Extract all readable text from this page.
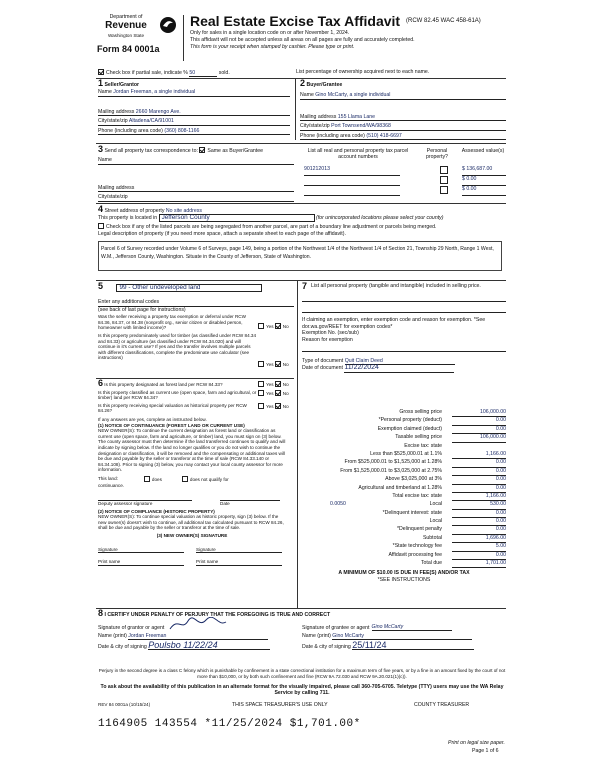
Department of
Revenue
Washington State
Form 84 0001a
Real Estate Excise Tax Affidavit (RCW 82.45 WAC 458-61A)
Only for sales in a single location code on or after November 1, 2024.
This affidavit will not be accepted unless all areas on all pages are fully and accurately completed.
This form is your receipt when stamped by cashier. Please type or print.
Check box if partial sale, indicate % 50	sold.	List percentage of ownership acquired next to each name.
1 Seller/Grantor
Name Jordan Freeman, a single individual
Mailing address 2660 Marengo Ave.
City/state/zip Altadena/CA/91001
Phone (including area code) (360) 808-1166
2 Buyer/Grantee
Name Gino McCarty, a single individual
Mailing address 155 Llama Lane
City/state/zip Port Townsend/WA/98368
Phone (including area code) (510) 418-6697
3 Send all property tax correspondence to: Same as Buyer/Grantee
Name
Mailing address
City/state/zip
List all real and personal property tax parcel account numbers
Personal property?
Assessed value(s)
901212013	$ 136,687.00
$ 0.00
$ 0.00
4 Street address of property No site address
This property is located in Jefferson County	(for unincorporated locations please select your county)
Check box if any of the listed parcels are being segregated from another parcel, are part of a boundary line adjustment or parcels being merged.
Legal description of property (if you need more space, attach a separate sheet to each page of the affidavit).
Parcel 6 of Survey recorded under Volume 6 of Surveys, page 149, being a portion of the Northwest 1/4 of the Northwest 1/4 of Section 21, Township 29 North, Range 1 West, W.M., Jefferson County, Washington. Situate in the County of Jefferson, State of Washington.
5	99 - Other undeveloped land
Enter any additional codes
(see back of last page for instructions)
Was the seller receiving a property tax exemption or deferral under RCW 84.36, 84.37, or 84.38 (nonprofit org., senior citizen or disabled person, homeowner with limited income)?	Yes No
Is this property predominately used for timber (as classified under RCW 84.34 and 84.33) or agriculture (as classified under RCW 84.34.020) and will continue in it's current use? If yes and the transfer involves multiple parcels with different classifications, complete the predominate use calculator (see instructions)
Yes No
6 Is this property designated as forest land per RCW 84.33?	Yes No
Is this property classified as current use (open space, farm and agricultural, or timber) land per RCW 84.34?
Yes No
Is this property receiving special valuation as historical property per RCW 84.26?
Yes No
If any answers are yes, complete as instructed below.
(1) NOTICE OF CONTINUANCE (FOREST LAND OR CURRENT USE)
NEW OWNER(S): To continue the current designation as forest land or classification as current use (open space, farm and agriculture, or timber) land, you must sign on (3) below. The county assessor must then determine if the land transferred continues to qualify and will indicate by signing below. If the land no longer qualifies or you do not wish to continue the designation or classification, it will be removed and the compensating or additional taxes will be due and payable by the seller or transferor at the time of sale (RCW 84.33.140 or 84.34.108). Prior to signing (3) below, you may contact your local county assessor for more information.
This land:	does	does not qualify for
continuance.
Deputy assessor signature	Date
(2) NOTICE OF COMPLIANCE (HISTORIC PROPERTY)
NEW OWNER(S): To continue special valuation as historic property, sign (3) below. If the new owner(s) doesn't wish to continue, all additional tax calculated pursuant to RCW 84.26, shall be due and payable by the seller or transferor at the time of sale.
(3) NEW OWNER(S) SIGNATURE
Signature	Signature
Print name	Print name
7 List all personal property (tangible and intangible) included in selling price.
If claiming an exemption, enter exemption code and reason for exemption. *See dor.wa.gov/REET for exemption codes*
Exemption No. (sec/sub)
Reason for exemption
Type of document Quit Claim Deed
Date of document 11/22/2024
Gross selling price	106,000.00
*Personal property (deduct)	0.00
Exemption claimed (deduct)	0.00
Taxable selling price	106,000.00
Excise tax: state
Less than $525,000.01 at 1.1%	1,166.00
From $525,000.01 to $1,525,000 at 1.28%	0.00
From $1,525,000.01 to $3,025,000 at 2.75%	0.00
Above $3,025,000 at 3%	0.00
Agricultural and timberland at 1.28%	0.00
Total excise tax: state	1,166.00
0.0050	Local	530.00
*Delinquent interest: state	0.00
Local	0.00
*Delinquent penalty	0.00
Subtotal	1,696.00
*State technology fee	5.00
Affidavit processing fee	0.00
Total due	1,701.00
A MINIMUM OF $10.00 IS DUE IN FEE(S) AND/OR TAX
*SEE INSTRUCTIONS
8 I CERTIFY UNDER PENALTY OF PERJURY THAT THE FOREGOING IS TRUE AND CORRECT
Signature of grantor or agent
Name (print) Jordan Freeman
Date & city of signing Poulsbo 11/22/24
Signature of grantee or agent Gino McCarty
Name (print) Gino McCarty
Date & city of signing 25/11/24
Perjury in the second degree is a class C felony which is punishable by confinement in a state correctional institution for a maximum term of five years, or by a fine in an amount fixed by the court of not more than $10,000, or by both such confinement and fine (RCW 9A.72.030 and RCW 9A.20.021(1)(c)).
To ask about the availability of this publication in an alternate format for the visually impaired, please call 360-705-6705. Teletype (TTY) users may use the WA Relay Service by calling 711.
REV 84 0001a (10/15/24)	THIS SPACE TREASURER'S USE ONLY	COUNTY TREASURER
1164905 143554 *11/25/2024 $1,701.00*
Print on legal size paper.
Page 1 of 6
